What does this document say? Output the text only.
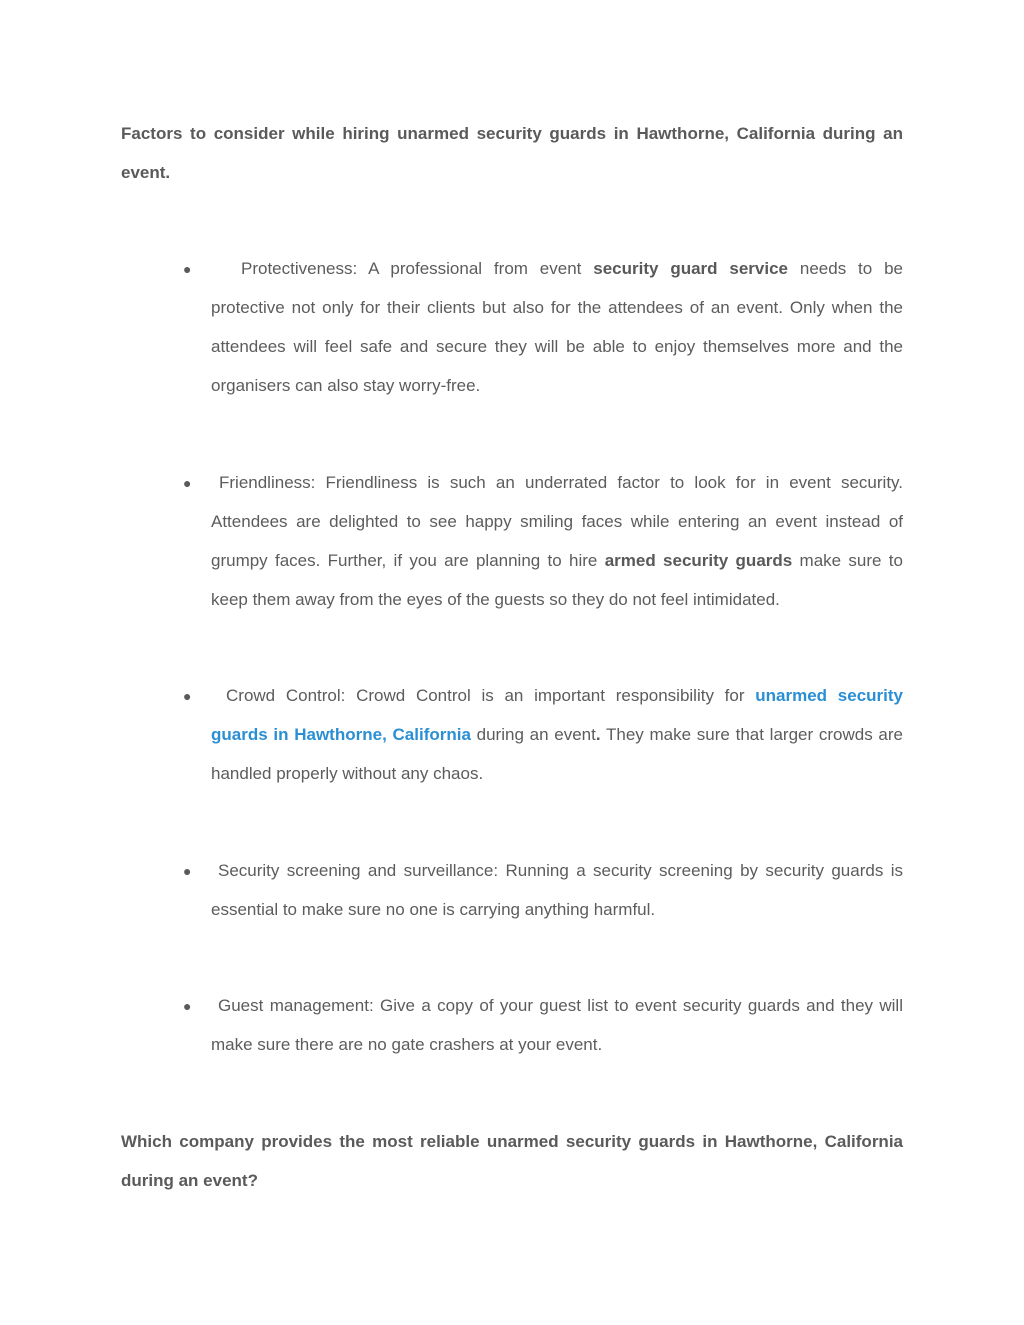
Factors to consider while hiring unarmed security guards in Hawthorne, California during an event.

●	Protectiveness: A professional from event security guard service needs to be protective not only for their clients but also for the attendees of an event. Only when the attendees will feel safe and secure they will be able to enjoy themselves more and the organisers can also stay worry-free.

●	Friendliness: Friendliness is such an underrated factor to look for in event security. Attendees are delighted to see happy smiling faces while entering an event instead of grumpy faces. Further, if you are planning to hire armed security guards make sure to keep them away from the eyes of the guests so they do not feel intimidated.

●	Crowd Control: Crowd Control is an important responsibility for unarmed security guards in Hawthorne, California during an event. They make sure that larger crowds are handled properly without any chaos.

●	Security screening and surveillance: Running a security screening by security guards is essential to make sure no one is carrying anything harmful.

●	Guest management: Give a copy of your guest list to event security guards and they will make sure there are no gate crashers at your event.

Which company provides the most reliable unarmed security guards in Hawthorne, California during an event?
